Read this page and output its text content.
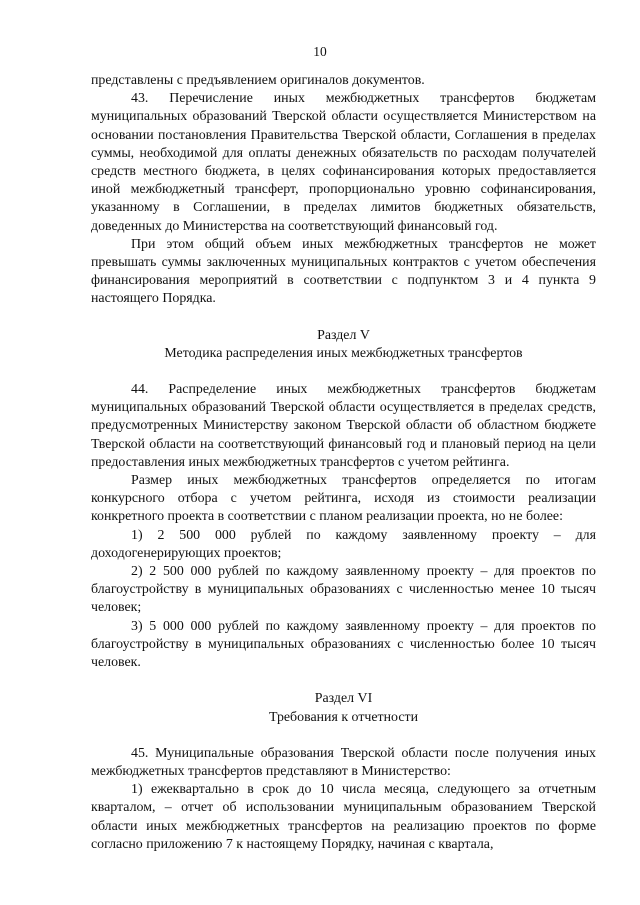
10

представлены с предъявлением оригиналов документов.

43. Перечисление иных межбюджетных трансфертов бюджетам муниципальных образований Тверской области осуществляется Министерством на основании постановления Правительства Тверской области, Соглашения в пределах суммы, необходимой для оплаты денежных обязательств по расходам получателей средств местного бюджета, в целях софинансирования которых предоставляется иной межбюджетный трансферт, пропорционально уровню софинансирования, указанному в Соглашении, в пределах лимитов бюджетных обязательств, доведенных до Министерства на соответствующий финансовый год.

При этом общий объем иных межбюджетных трансфертов не может превышать суммы заключенных муниципальных контрактов с учетом обеспечения финансирования мероприятий в соответствии с подпунктом 3 и 4 пункта 9 настоящего Порядка.

Раздел V

Методика распределения иных межбюджетных трансфертов

44. Распределение иных межбюджетных трансфертов бюджетам муниципальных образований Тверской области осуществляется в пределах средств, предусмотренных Министерству законом Тверской области об областном бюджете Тверской области на соответствующий финансовый год и плановый период на цели предоставления иных межбюджетных трансфертов с учетом рейтинга.

Размер иных межбюджетных трансфертов определяется по итогам конкурсного отбора с учетом рейтинга, исходя из стоимости реализации конкретного проекта в соответствии с планом реализации проекта, но не более:

1) 2 500 000 рублей по каждому заявленному проекту – для доходогенерирующих проектов;

2) 2 500 000 рублей по каждому заявленному проекту – для проектов по благоустройству в муниципальных образованиях с численностью менее 10 тысяч человек;

3) 5 000 000 рублей по каждому заявленному проекту – для проектов по благоустройству в муниципальных образованиях с численностью более 10 тысяч человек.

Раздел VI

Требования к отчетности

45. Муниципальные образования Тверской области после получения иных межбюджетных трансфертов представляют в Министерство:

1) ежеквартально в срок до 10 числа месяца, следующего за отчетным кварталом, – отчет об использовании муниципальным образованием Тверской области иных межбюджетных трансфертов на реализацию проектов по форме согласно приложению 7 к настоящему Порядку, начиная с квартала,
